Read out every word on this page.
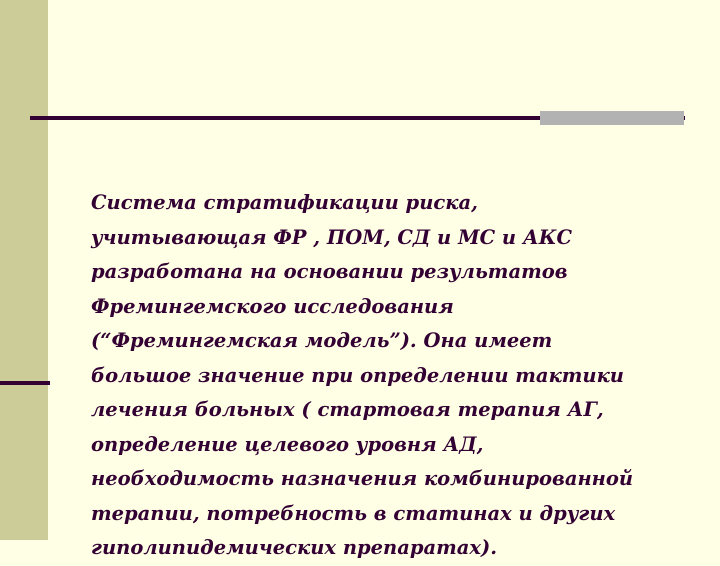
Система стратификации риска,
учитывающая ФР , ПОМ, СД и МС и АКС
разработана на основании результатов
Фремингемского исследования
(“Фремингемская модель”). Она имеет
большое значение при определении тактики
лечения больных ( стартовая терапия АГ,
определение целевого уровня АД,
необходимость назначения комбинированной
терапии, потребность в статинах и других
гиполипидемических препаратах).
